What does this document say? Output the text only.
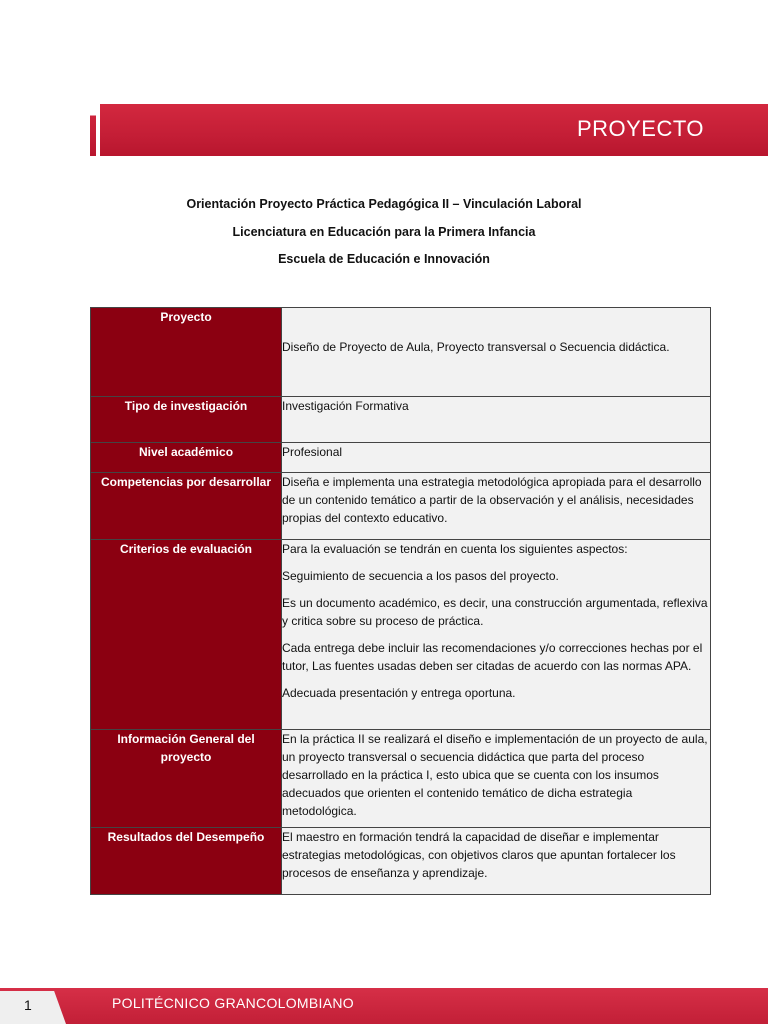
PROYECTO
Orientación Proyecto Práctica Pedagógica II – Vinculación Laboral
Licenciatura en Educación para la Primera Infancia
Escuela de Educación e Innovación
Proyecto	Diseño de Proyecto de Aula, Proyecto transversal o Secuencia didáctica.

Tipo de investigación	Investigación Formativa

Nivel académico	Profesional

Competencias por desarrollar	Diseña e implementa una estrategia metodológica apropiada para el desarrollo de un contenido temático a partir de la observación y el análisis, necesidades propias del contexto educativo.

Criterios de evaluación	Para la evaluación se tendrán en cuenta los siguientes aspectos:

Seguimiento de secuencia a los pasos del proyecto.

Es un documento académico, es decir, una construcción argumentada, reflexiva y critica sobre su proceso de práctica.

Cada entrega debe incluir las recomendaciones y/o correcciones hechas por el tutor, Las fuentes usadas deben ser citadas de acuerdo con las normas APA.

Adecuada presentación y entrega oportuna.

Información General del proyecto	En la práctica II se realizará el diseño e implementación de un proyecto de aula, un proyecto transversal o secuencia didáctica que parta del proceso desarrollado en la práctica I, esto ubica que se cuenta con los insumos adecuados que orienten el contenido temático de dicha estrategia metodológica.

Resultados del Desempeño	El maestro en formación tendrá la capacidad de diseñar e implementar estrategias metodológicas, con objetivos claros que apuntan fortalecer los procesos de enseñanza y aprendizaje.

1	POLITÉCNICO GRANCOLOMBIANO
